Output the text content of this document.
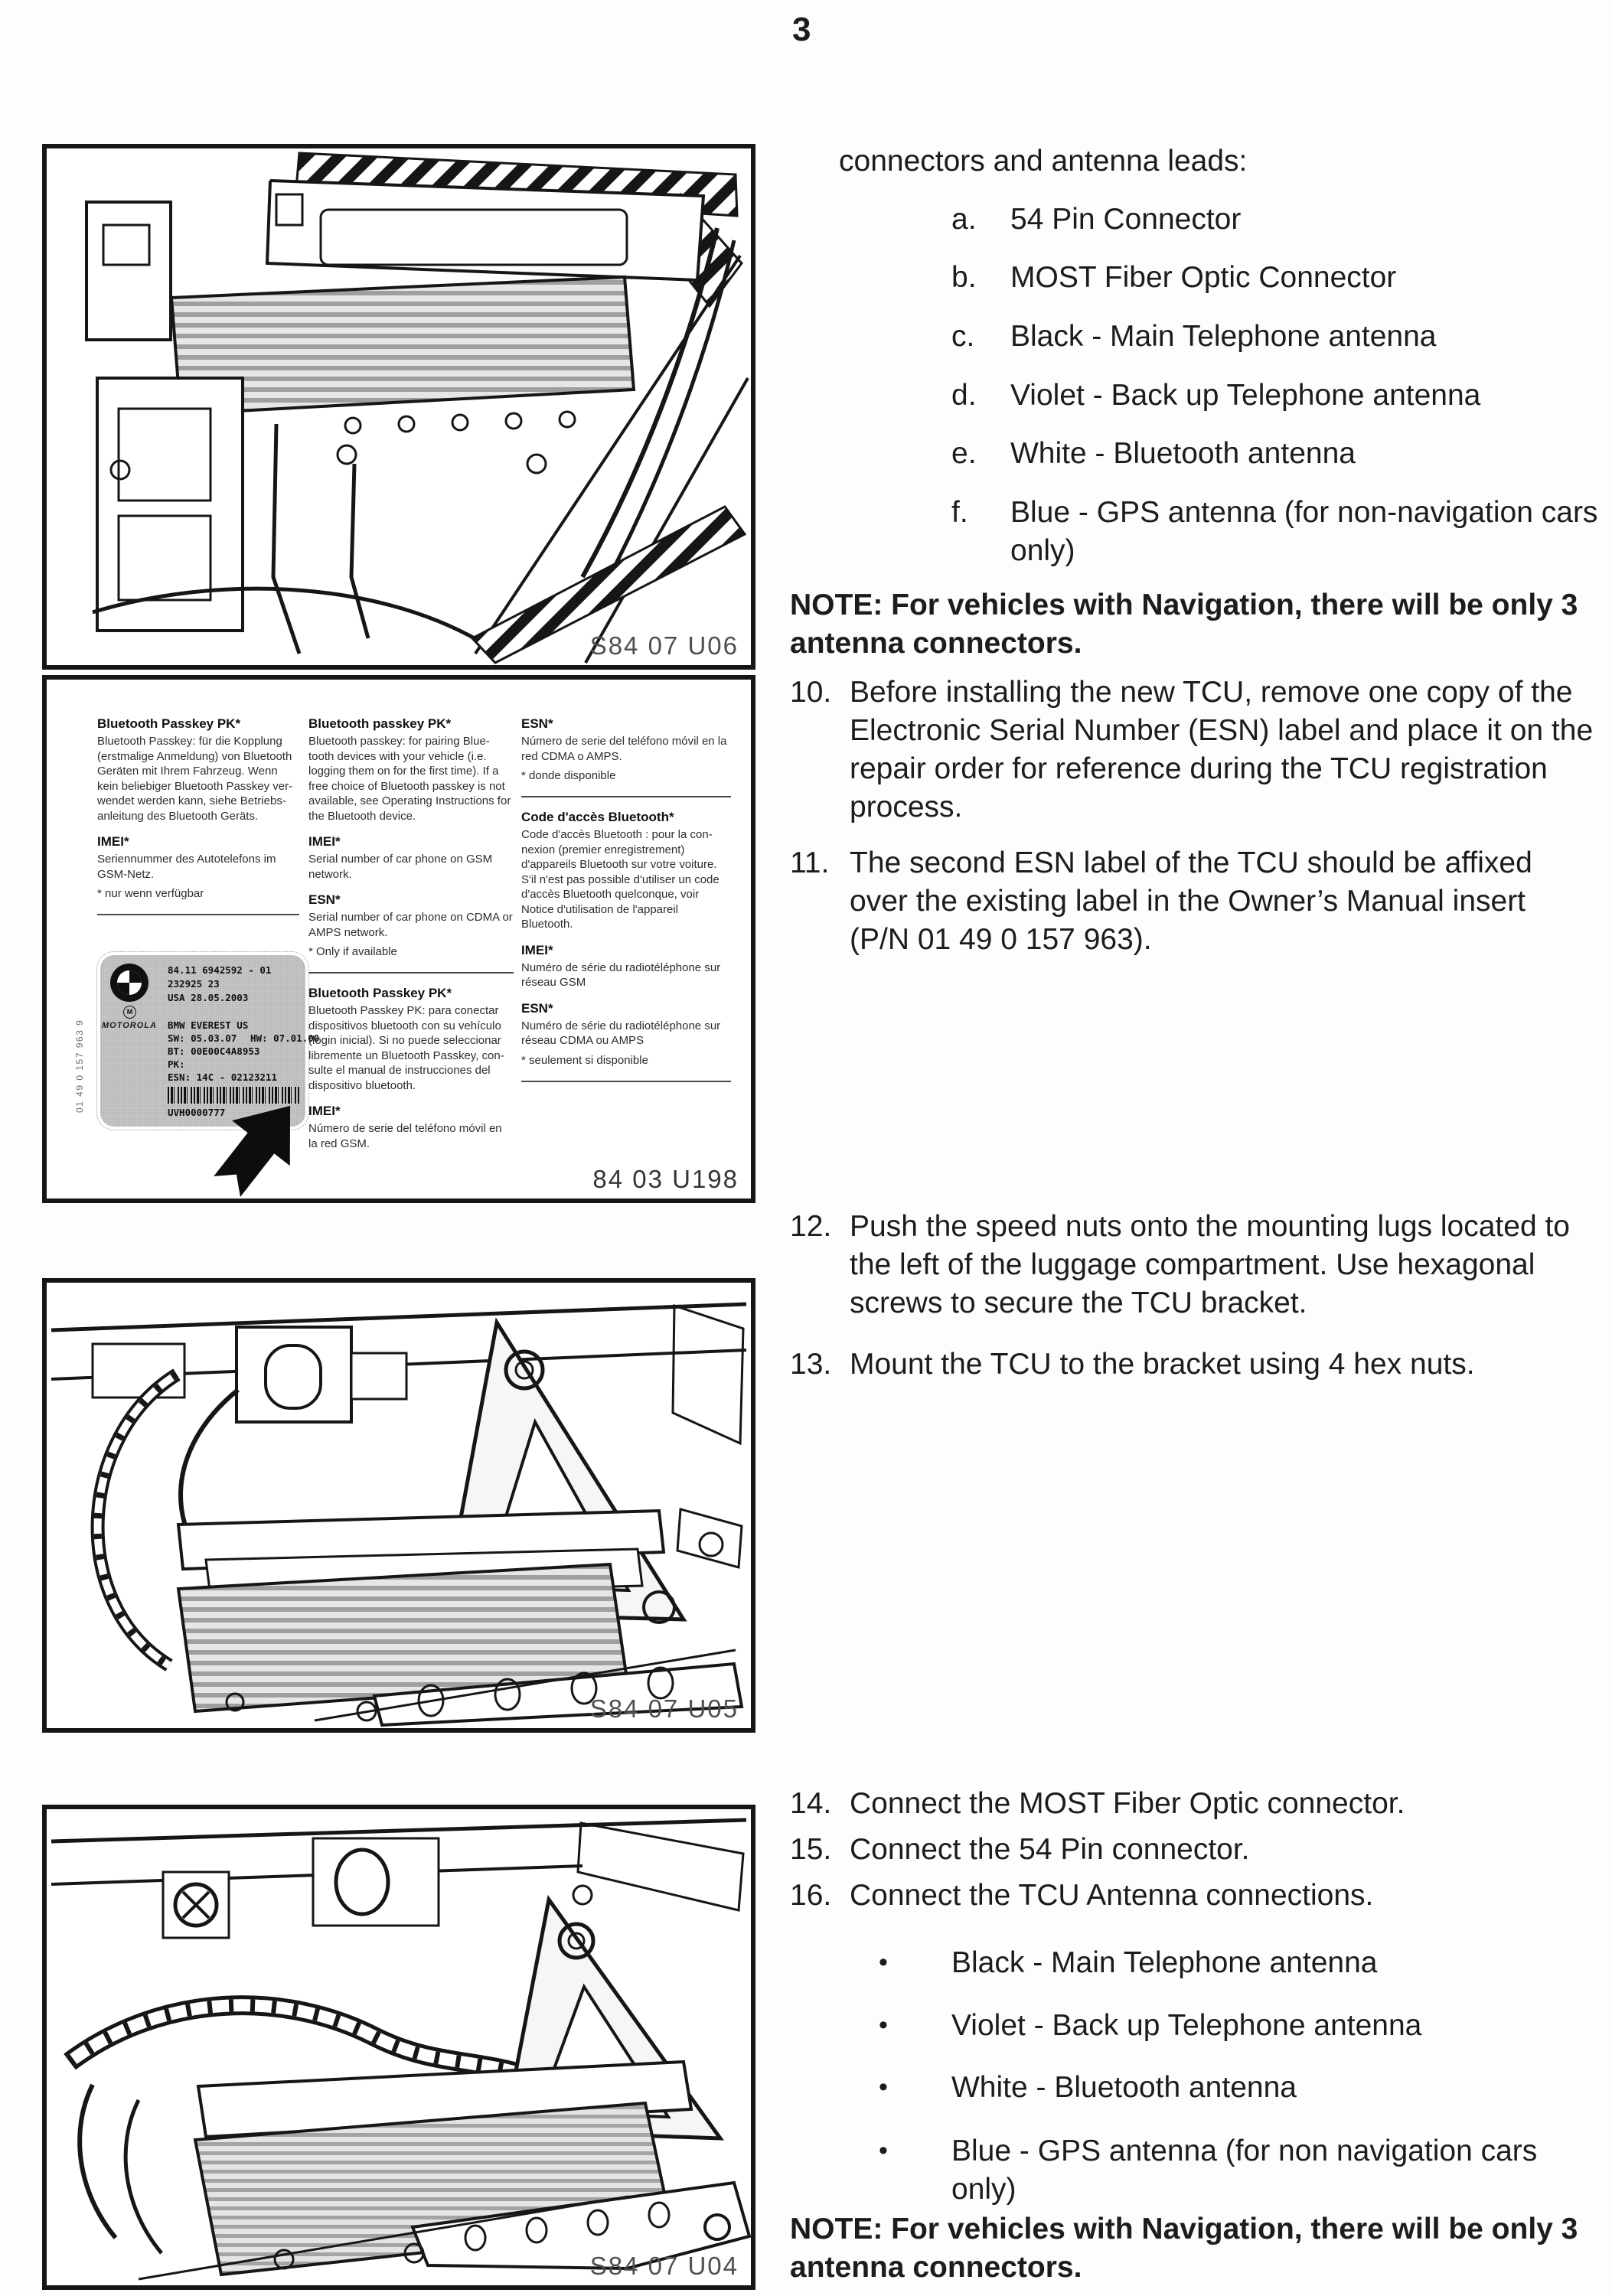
3
S84 07 U06
Bluetooth Passkey PK*

Bluetooth Passkey: für die Kopplung (erstmalige Anmeldung) von Bluetooth Geräten mit Ihrem Fahrzeug. Wenn kein beliebiger Bluetooth Passkey ver- wendet werden kann, siehe Betriebs- anleitung des Bluetooth Geräts.

IMEI*

Seriennummer des Autotelefons im GSM-Netz.

* nur wenn verfügbar
Bluetooth passkey PK*

Bluetooth passkey: for pairing Blue- tooth devices with your vehicle (i.e. logging them on for the first time). If a free choice of Bluetooth passkey is not available, see Operating Instructions for the Bluetooth device.

IMEI*

Serial number of car phone on GSM network.

ESN*

Serial number of car phone on CDMA or AMPS network.

* Only if available
Bluetooth Passkey PK*

Bluetooth Passkey PK: para conectar dispositivos bluetooth con su vehículo (login inicial). Si no puede seleccionar libremente un Bluetooth Passkey, con- sulte el manual de instrucciones del dispositivo bluetooth.

IMEI*

Número de serie del teléfono móvil en la red GSM.

ESN*

Número de serie del teléfono móvil en la red CDMA o AMPS.

* donde disponible
Code d'accès Bluetooth*

Code d'accès Bluetooth : pour la con- nexion (premier enregistrement) d'appareils Bluetooth sur votre voiture. S'il n'est pas possible d'utiliser un code d'accès Bluetooth quelconque, voir Notice d'utilisation de l'appareil Bluetooth.

IMEI*

Numéro de série du radiotéléphone sur réseau GSM

ESN*

Numéro de série du radiotéléphone sur réseau CDMA ou AMPS

* seulement si disponible
01 49 0 157 963 9
M
MOTOROLA
84.11 6942592 - 01
232925 23
USA 28.05.2003
BMW EVEREST US
SW: 05.03.07 HW: 07.01.00
BT: 00E00C4A8953
PK:
ESN: 14C - 02123211
UVH0000777
84 03 U198
S84 07 U05
S84 07 U04
connectors and antenna leads:
a.	54 Pin Connector
b.	MOST Fiber Optic Connector
c.	Black - Main Telephone antenna
d.	Violet - Back up Telephone antenna
e.	White - Bluetooth antenna
f.	Blue - GPS antenna (for non-navigation cars only)
NOTE: For vehicles with Navigation, there will be only 3 antenna connectors.
10. Before installing the new TCU, remove one copy of the Electronic Serial Number (ESN) label and place it on the repair order for reference during the TCU registration process.
11. The second ESN label of the TCU should be affixed over the existing label in the Owner’s Manual insert (P/N 01 49 0 157 963).
12. Push the speed nuts onto the mounting lugs located to the left of the luggage compartment. Use hexagonal screws to secure the TCU bracket.
13. Mount the TCU to the bracket using 4 hex nuts.
14. Connect the MOST Fiber Optic connector.
15. Connect the 54 Pin connector.
16. Connect the TCU Antenna connections.
•	Black - Main Telephone antenna
•	Violet - Back up Telephone antenna
•	White - Bluetooth antenna
•	Blue - GPS antenna (for non navigation cars only)
NOTE: For vehicles with Navigation, there will be only 3 antenna connectors.
